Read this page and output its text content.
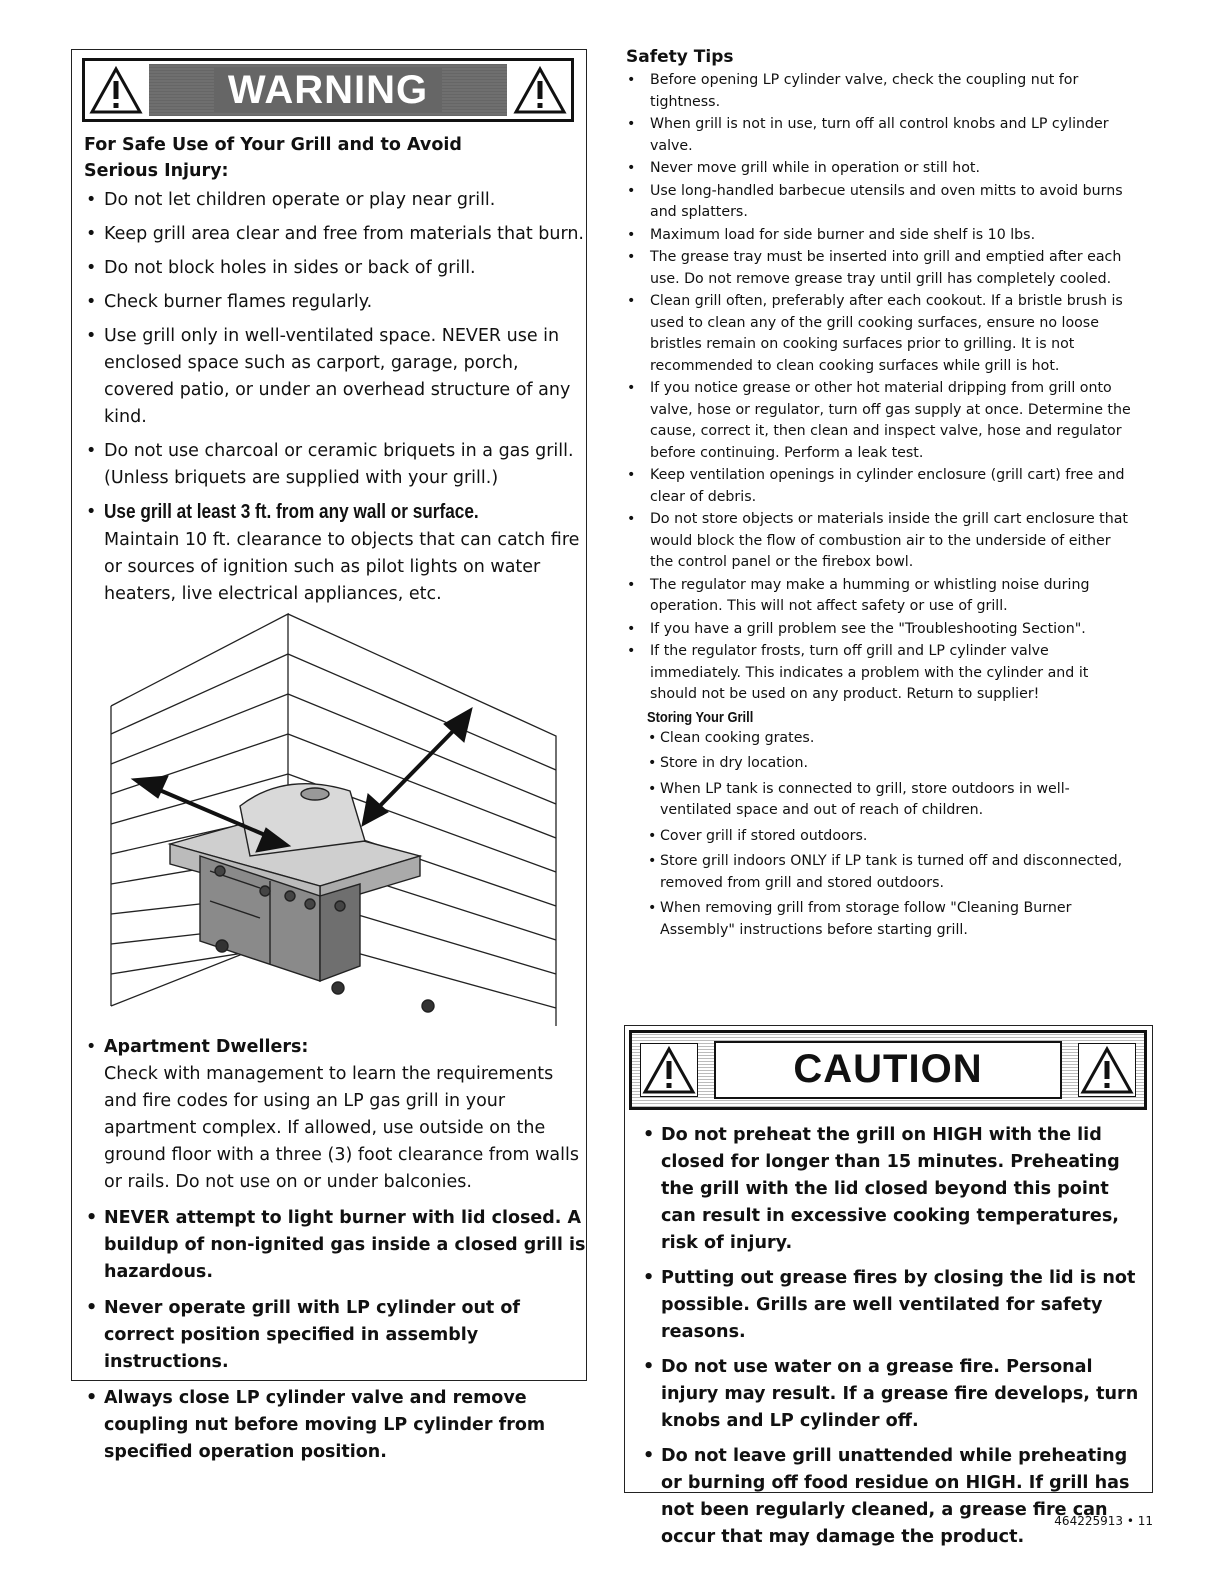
WARNING
For Safe Use of Your Grill and to Avoid Serious Injury:
• Do not let children operate or play near grill.
• Keep grill area clear and free from materials that burn.
• Do not block holes in sides or back of grill.
• Check burner flames regularly.
• Use grill only in well-ventilated space. NEVER use in enclosed space such as carport, garage, porch, covered patio, or under an overhead structure of any kind.
• Do not use charcoal or ceramic briquets in a gas grill. (Unless briquets are supplied with your grill.)
• Use grill at least 3 ft. from any wall or surface.
Maintain 10 ft. clearance to objects that can catch fire or sources of ignition such as pilot lights on water heaters, live electrical appliances, etc.
• Apartment Dwellers:
Check with management to learn the requirements and fire codes for using an LP gas grill in your apartment complex. If allowed, use outside on the ground floor with a three (3) foot clearance from walls or rails. Do not use on or under balconies.
• NEVER attempt to light burner with lid closed. A buildup of non-ignited gas inside a closed grill is hazardous.
• Never operate grill with LP cylinder out of correct position specified in assembly instructions.
• Always close LP cylinder valve and remove coupling nut before moving LP cylinder from specified operation position.
Safety Tips
• Before opening LP cylinder valve, check the coupling nut for tightness.
• When grill is not in use, turn off all control knobs and LP cylinder valve.
• Never move grill while in operation or still hot.
• Use long-handled barbecue utensils and oven mitts to avoid burns and splatters.
• Maximum load for side burner and side shelf is 10 lbs.
• The grease tray must be inserted into grill and emptied after each use. Do not remove grease tray until grill has completely cooled.
• Clean grill often, preferably after each cookout. If a bristle brush is used to clean any of the grill cooking surfaces, ensure no loose bristles remain on cooking surfaces prior to grilling. It is not recommended to clean cooking surfaces while grill is hot.
• If you notice grease or other hot material dripping from grill onto valve, hose or regulator, turn off gas supply at once. Determine the cause, correct it, then clean and inspect valve, hose and regulator before continuing. Perform a leak test.
• Keep ventilation openings in cylinder enclosure (grill cart) free and clear of debris.
• Do not store objects or materials inside the grill cart enclosure that would block the flow of combustion air to the underside of either the control panel or the firebox bowl.
• The regulator may make a humming or whistling noise during operation. This will not affect safety or use of grill.
• If you have a grill problem see the "Troubleshooting Section".
• If the regulator frosts, turn off grill and LP cylinder valve immediately. This indicates a problem with the cylinder and it should not be used on any product. Return to supplier!
Storing Your Grill
• Clean cooking grates.
• Store in dry location.
• When LP tank is connected to grill, store outdoors in well-ventilated space and out of reach of children.
• Cover grill if stored outdoors.
• Store grill indoors ONLY if LP tank is turned off and disconnected, removed from grill and stored outdoors.
• When removing grill from storage follow "Cleaning Burner Assembly" instructions before starting grill.
CAUTION
• Do not preheat the grill on HIGH with the lid closed for longer than 15 minutes. Preheating the grill with the lid closed beyond this point can result in excessive cooking temperatures, risk of injury.
• Putting out grease fires by closing the lid is not possible. Grills are well ventilated for safety reasons.
• Do not use water on a grease fire. Personal injury may result. If a grease fire develops, turn knobs and LP cylinder off.
• Do not leave grill unattended while preheating or burning off food residue on HIGH. If grill has not been regularly cleaned, a grease fire can occur that may damage the product.
464225913 • 11
